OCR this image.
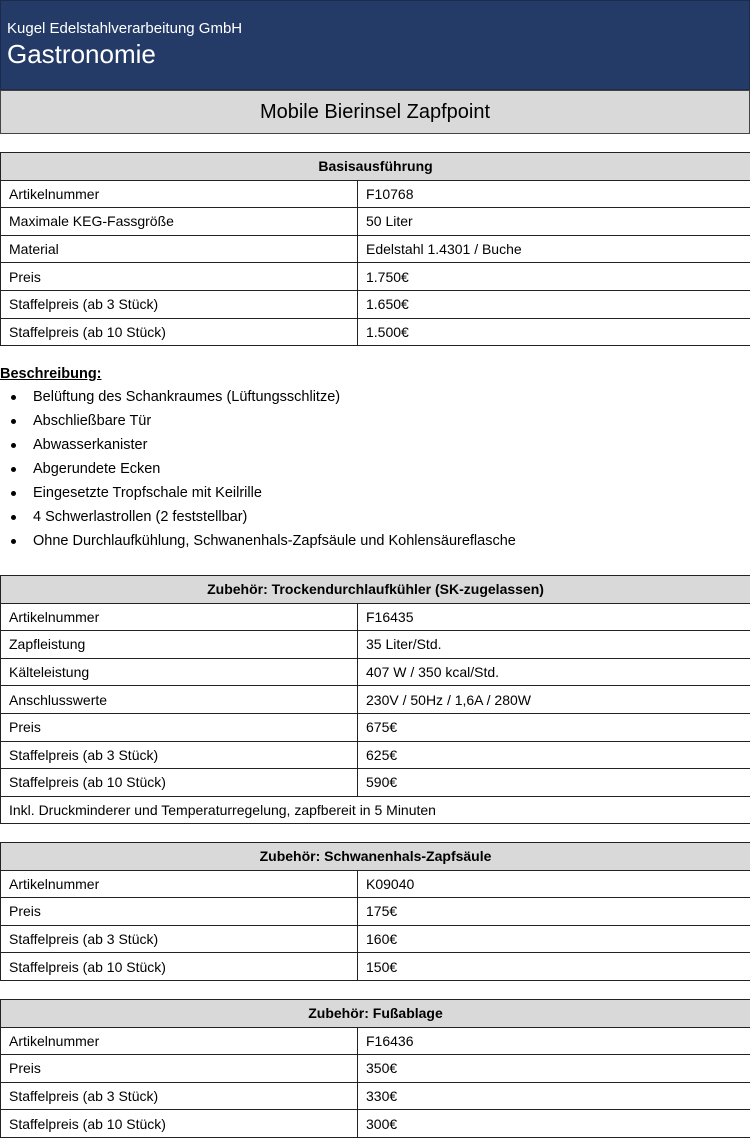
Kugel Edelstahlverarbeitung GmbH
Gastronomie
Mobile Bierinsel Zapfpoint
Basisausführung	
Artikelnummer	F10768
Maximale KEG-Fassgröße	50 Liter
Material	Edelstahl 1.4301 / Buche
Preis	1.750€
Staffelpreis (ab 3 Stück)	1.650€
Staffelpreis (ab 10 Stück)	1.500€
Beschreibung:
Belüftung des Schankraumes (Lüftungsschlitze)
Abschließbare Tür
Abwasserkanister
Abgerundete Ecken
Eingesetzte Tropfschale mit Keilrille
4 Schwerlastrollen (2 feststellbar)
Ohne Durchlaufkühlung, Schwanenhals-Zapfsäule und Kohlensäureflasche
Zubehör: Trockendurchlaufkühler (SK-zugelassen)	
Artikelnummer	F16435
Zapfleistung	35 Liter/Std.
Kälteleistung	407 W / 350 kcal/Std.
Anschlusswerte	230V / 50Hz / 1,6A / 280W
Preis	675€
Staffelpreis (ab 3 Stück)	625€
Staffelpreis (ab 10 Stück)	590€
Inkl. Druckminderer und Temperaturregelung, zapfbereit in 5 Minuten	
Zubehör: Schwanenhals-Zapfsäule	
Artikelnummer	K09040
Preis	175€
Staffelpreis (ab 3 Stück)	160€
Staffelpreis (ab 10 Stück)	150€
Zubehör: Fußablage	
Artikelnummer	F16436
Preis	350€
Staffelpreis (ab 3 Stück)	330€
Staffelpreis (ab 10 Stück)	300€
